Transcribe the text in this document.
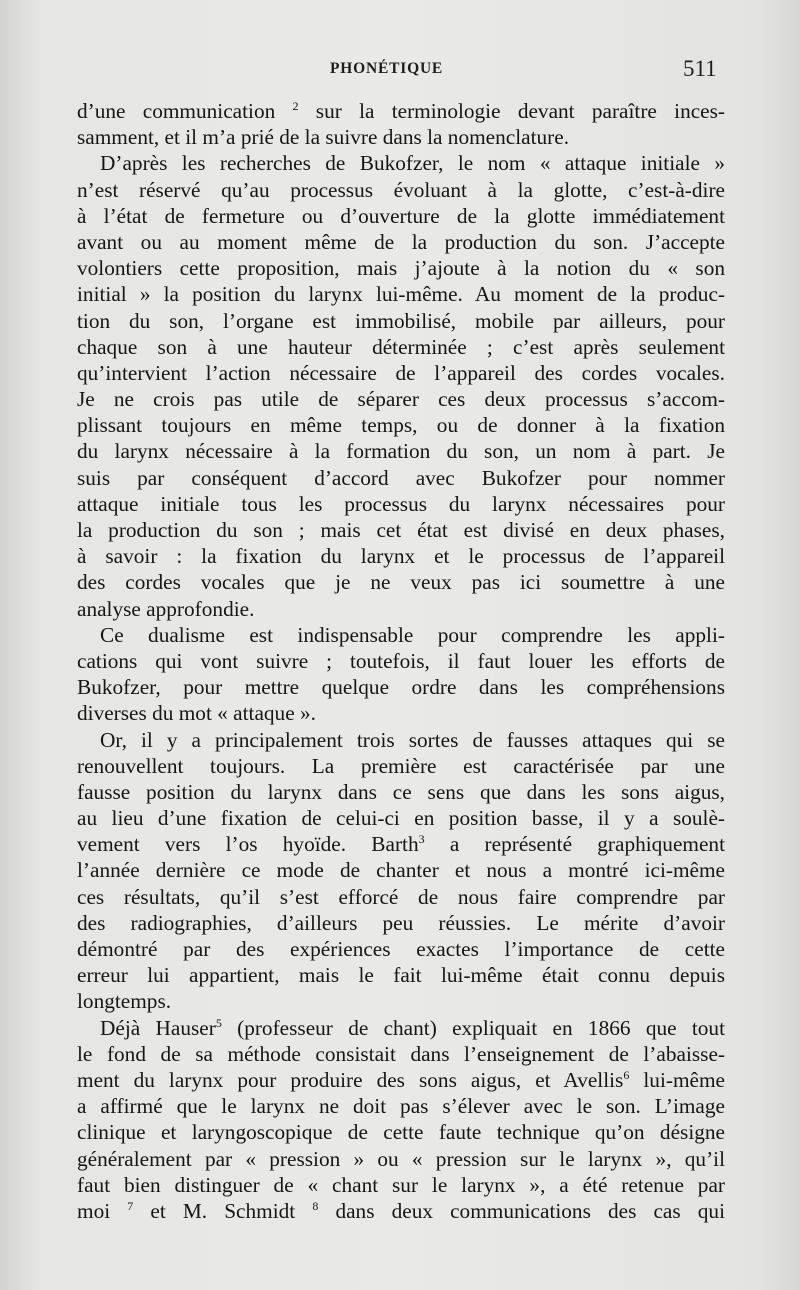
PHONÉTIQUE	511
d’une communication $^2$ sur la terminologie devant paraître inces-
samment, et il m’a prié de la suivre dans la nomenclature.
D’après les recherches de Bukofzer, le nom « attaque initiale »
n’est réservé qu’au processus évoluant à la glotte, c’est-à-dire
à l’état de fermeture ou d’ouverture de la glotte immédiatement
avant ou au moment même de la production du son. J’accepte
volontiers cette proposition, mais j’ajoute à la notion du « son
initial » la position du larynx lui-même. Au moment de la produc-
tion du son, l’organe est immobilisé, mobile par ailleurs, pour
chaque son à une hauteur déterminée ; c’est après seulement
qu’intervient l’action nécessaire de l’appareil des cordes vocales.
Je ne crois pas utile de séparer ces deux processus s’accom-
plissant toujours en même temps, ou de donner à la fixation
du larynx nécessaire à la formation du son, un nom à part. Je
suis par conséquent d’accord avec Bukofzer pour nommer
attaque initiale tous les processus du larynx nécessaires pour
la production du son ; mais cet état est divisé en deux phases,
à savoir : la fixation du larynx et le processus de l’appareil
des cordes vocales que je ne veux pas ici soumettre à une
analyse approfondie.
Ce dualisme est indispensable pour comprendre les appli-
cations qui vont suivre ; toutefois, il faut louer les efforts de
Bukofzer, pour mettre quelque ordre dans les compréhensions
diverses du mot « attaque ».
Or, il y a principalement trois sortes de fausses attaques qui se
renouvellent toujours. La première est caractérisée par une
fausse position du larynx dans ce sens que dans les sons aigus,
au lieu d’une fixation de celui-ci en position basse, il y a soulè-
vement vers l’os hyoïde. Barth$^3$ a représenté graphiquement
l’année dernière ce mode de chanter et nous a montré ici-même
ces résultats, qu’il s’est efforcé de nous faire comprendre par
des radiographies, d’ailleurs peu réussies. Le mérite d’avoir
démontré par des expériences exactes l’importance de cette
erreur lui appartient, mais le fait lui-même était connu depuis
longtemps.
Déjà Hauser$^5$ (professeur de chant) expliquait en 1866 que tout
le fond de sa méthode consistait dans l’enseignement de l’abaisse-
ment du larynx pour produire des sons aigus, et Avellis$^6$ lui-même
a affirmé que le larynx ne doit pas s’élever avec le son. L’image
clinique et laryngoscopique de cette faute technique qu’on désigne
généralement par « pression » ou « pression sur le larynx », qu’il
faut bien distinguer de « chant sur le larynx », a été retenue par
moi $^7$ et M. Schmidt $^8$ dans deux communications des cas qui
